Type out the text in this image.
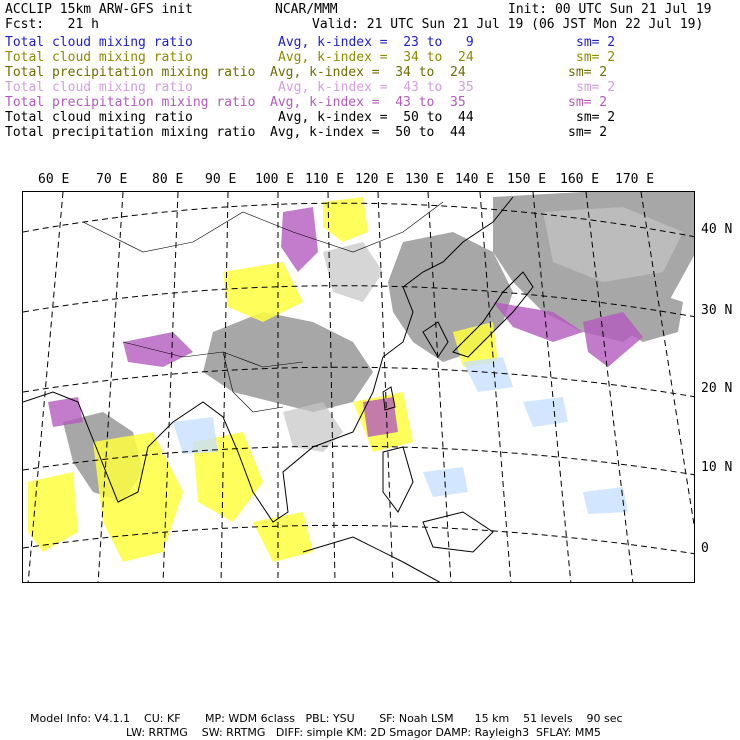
ACCLIP 15km ARW-GFS init	NCAR/MMM	Init: 00 UTC Sun 21 Jul 19
Fcst:   21 h	Valid: 21 UTC Sun 21 Jul 19 (06 JST Mon 22 Jul 19)
Total cloud mixing ratio	Avg, k-index =  23 to   9	sm= 2
Total cloud mixing ratio	Avg, k-index =  34 to  24	sm= 2
Total precipitation mixing ratio Avg, k-index =  34 to  24	sm= 2
Total cloud mixing ratio	Avg, k-index =  43 to  35	sm= 2
Total precipitation mixing ratio Avg, k-index =  43 to  35	sm= 2
Total cloud mixing ratio	Avg, k-index =  50 to  44	sm= 2
Total precipitation mixing ratio Avg, k-index =  50 to  44	sm= 2
60 E 70 E 80 E 90 E 100 E 110 E 120 E 130 E 140 E 150 E 160 E 170 E
40 N
30 N
20 N
10 N
0
Model Info: V4.1.1    CU: KF       MP: WDM 6class   PBL: YSU       SF: Noah LSM      15 km    51 levels    90 sec
LW: RRTMG    SW: RRTMG   DIFF: simple KM: 2D Smagor DAMP: Rayleigh3  SFLAY: MM5
